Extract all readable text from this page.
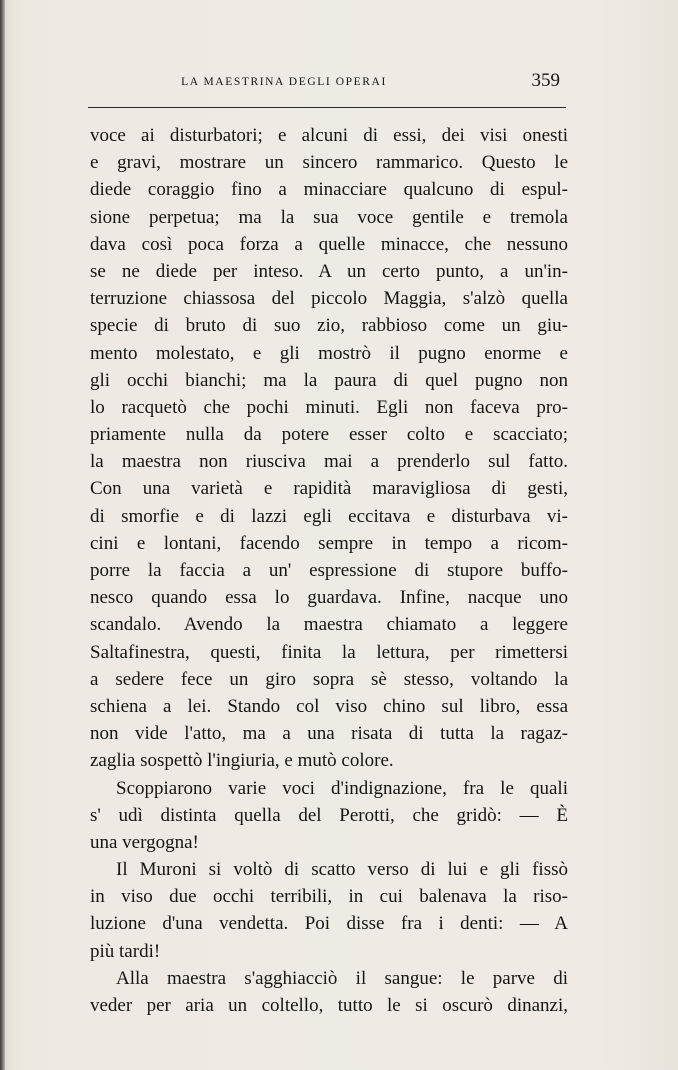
LA MAESTRINA DEGLI OPERAI	359
voce ai disturbatori; e alcuni di essi, dei visi onesti
e gravi, mostrare un sincero rammarico. Questo le
diede coraggio fino a minacciare qualcuno di espul-
sione perpetua; ma la sua voce gentile e tremola
dava così poca forza a quelle minacce, che nessuno
se ne diede per inteso. A un certo punto, a un'in-
terruzione chiassosa del piccolo Maggia, s'alzò quella
specie di bruto di suo zio, rabbioso come un giu-
mento molestato, e gli mostrò il pugno enorme e
gli occhi bianchi; ma la paura di quel pugno non
lo racquetò che pochi minuti. Egli non faceva pro-
priamente nulla da potere esser colto e scacciato;
la maestra non riusciva mai a prenderlo sul fatto.
Con una varietà e rapidità maravigliosa di gesti,
di smorfie e di lazzi egli eccitava e disturbava vi-
cini e lontani, facendo sempre in tempo a ricom-
porre la faccia a un' espressione di stupore buffo-
nesco quando essa lo guardava. Infine, nacque uno
scandalo. Avendo la maestra chiamato a leggere
Saltafinestra, questi, finita la lettura, per rimettersi
a sedere fece un giro sopra sè stesso, voltando la
schiena a lei. Stando col viso chino sul libro, essa
non vide l'atto, ma a una risata di tutta la ragaz-
zaglia sospettò l'ingiuria, e mutò colore.
Scoppiarono varie voci d'indignazione, fra le quali
s' udì distinta quella del Perotti, che gridò: — È
una vergogna!
Il Muroni si voltò di scatto verso di lui e gli fissò
in viso due occhi terribili, in cui balenava la riso-
luzione d'una vendetta. Poi disse fra i denti: — A
più tardi!
Alla maestra s'agghiacciò il sangue: le parve di
veder per aria un coltello, tutto le si oscurò dinanzi,
